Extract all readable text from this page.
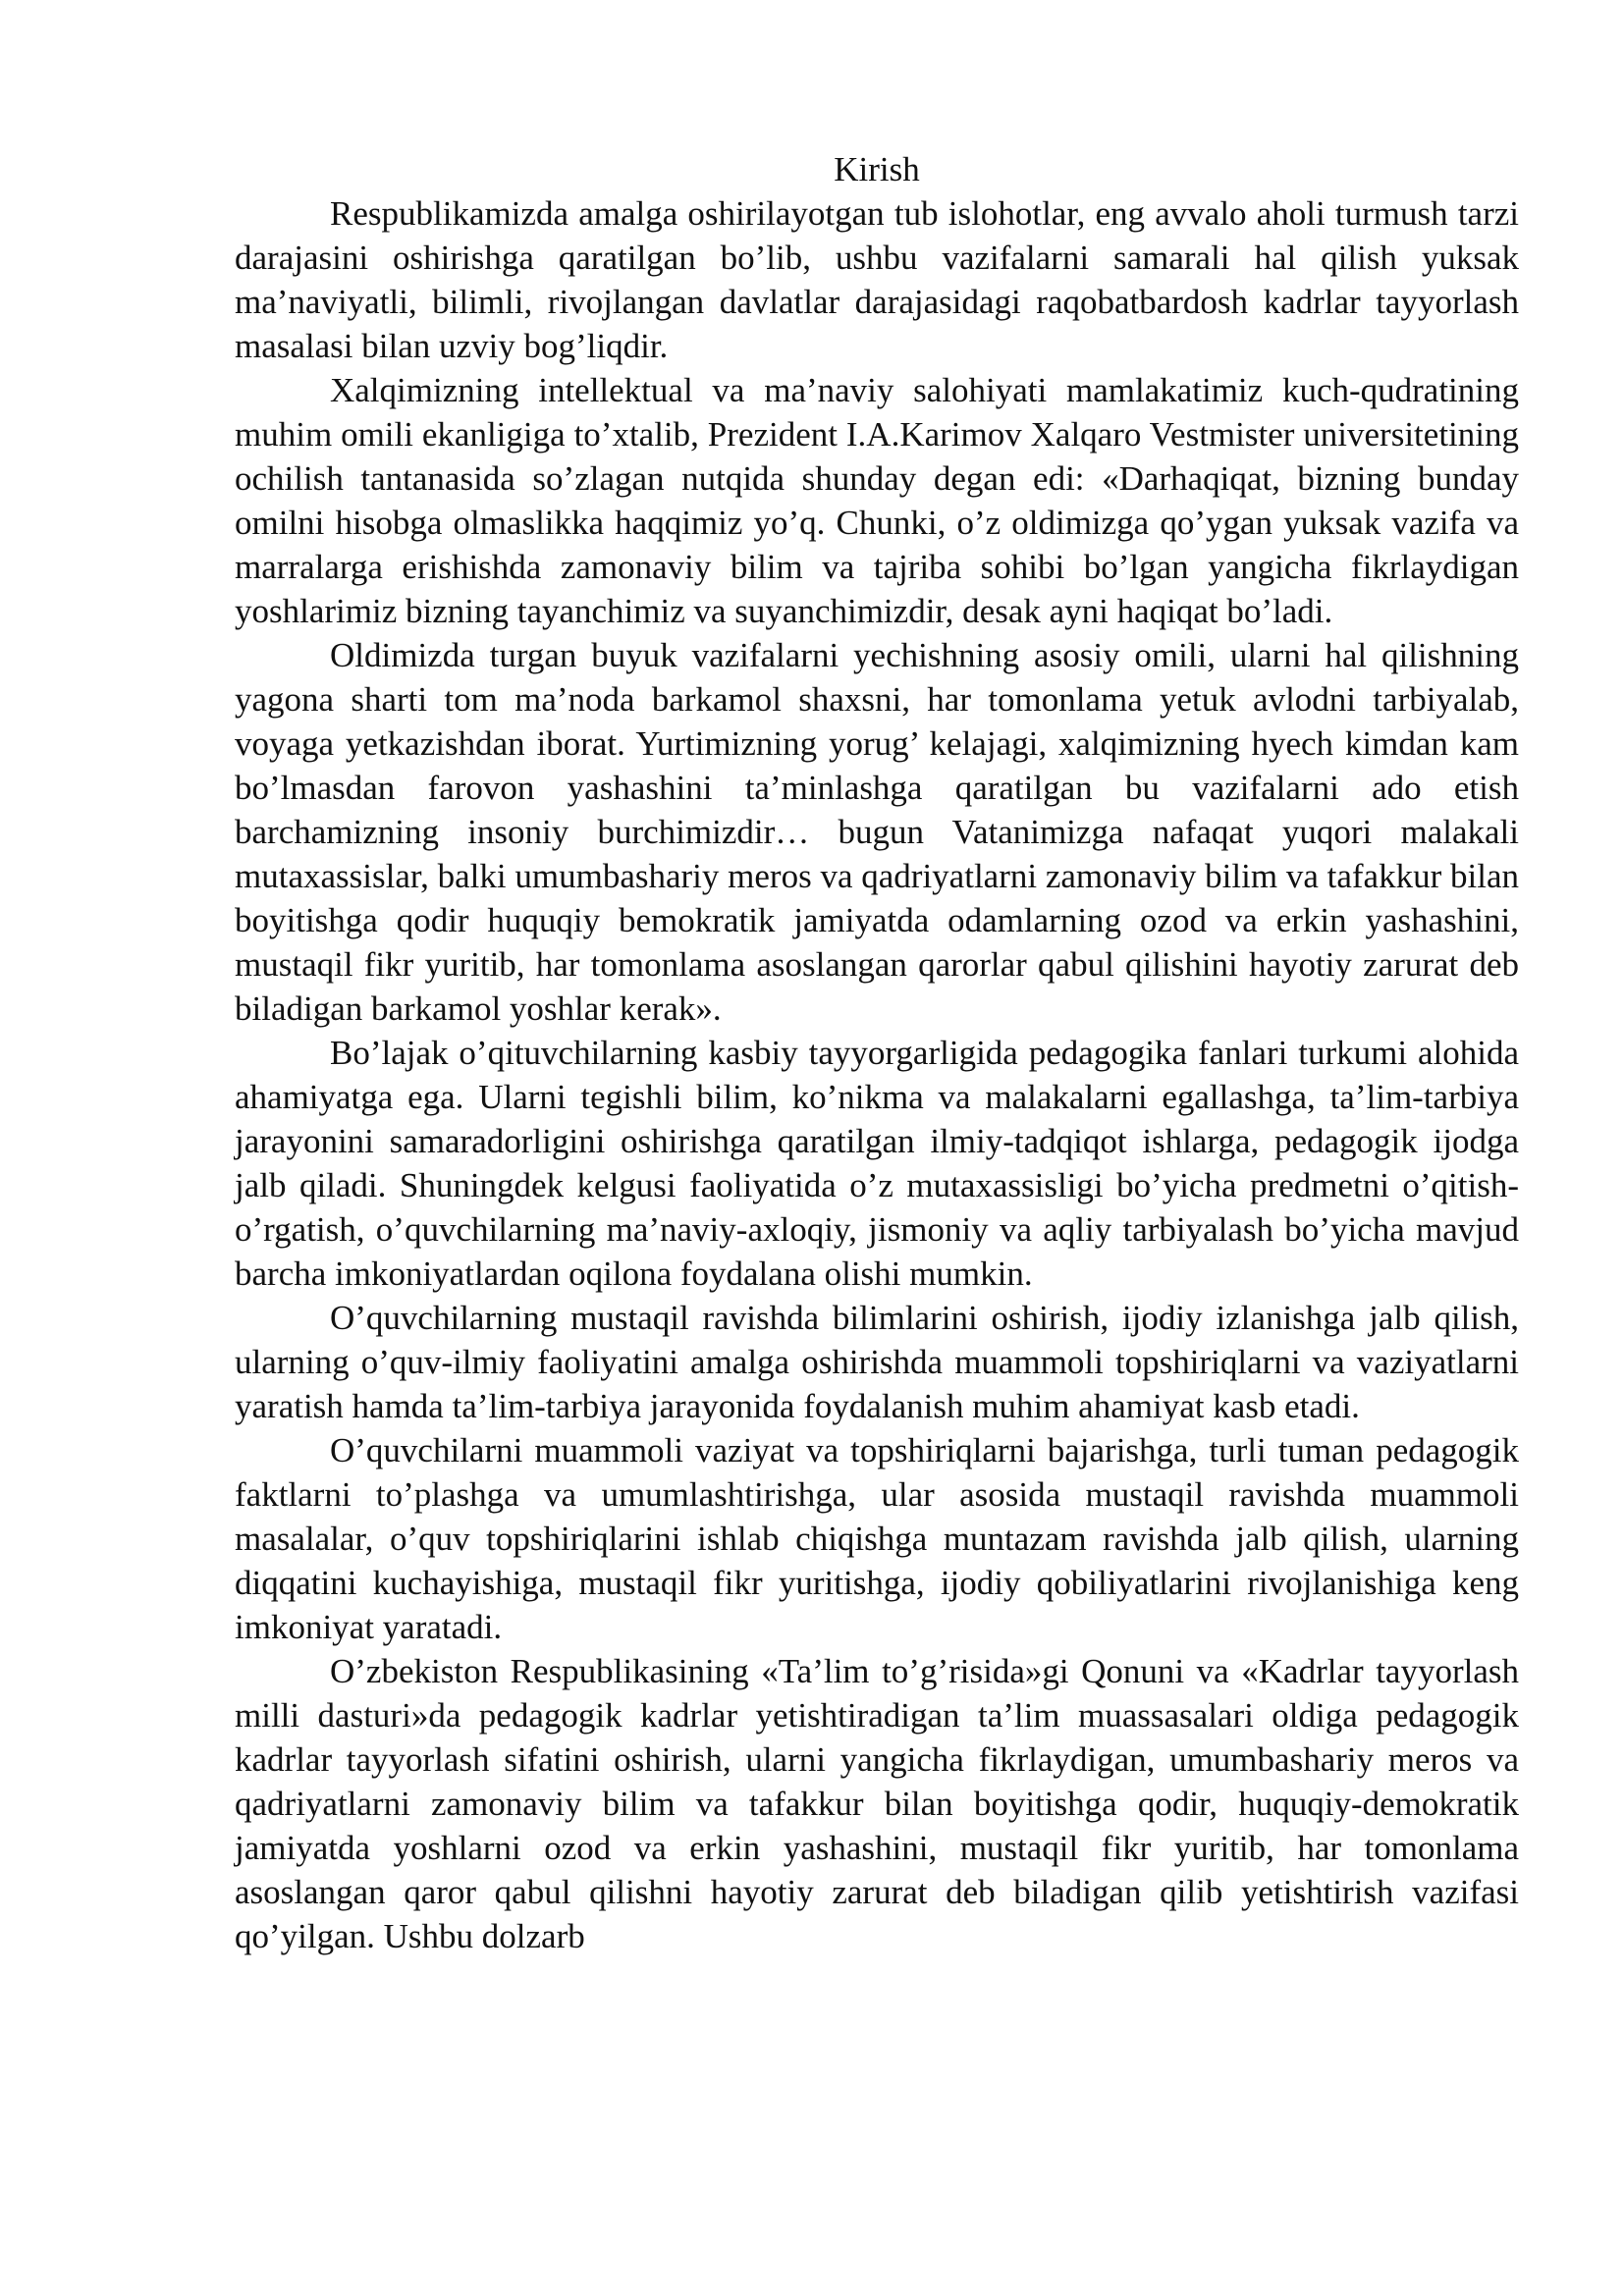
Kirish

Respublikamizda amalga oshirilayotgan tub islohotlar, eng avvalo aholi turmush tarzi darajasini oshirishga qaratilgan bo’lib, ushbu vazifalarni samarali hal qilish yuksak ma’naviyatli, bilimli, rivojlangan davlatlar darajasidagi raqobatbardosh kadrlar tayyorlash masalasi bilan uzviy bog’liqdir.

Xalqimizning intellektual va ma’naviy salohiyati mamlakatimiz kuch-qudratining muhim omili ekanligiga to’xtalib, Prezident I.A.Karimov Xalqaro Vestmister universitetining ochilish tantanasida so’zlagan nutqida shunday degan edi: «Darhaqiqat, bizning bunday omilni hisobga olmaslikka haqqimiz yo’q. Chunki, o’z oldimizga qo’ygan yuksak vazifa va marralarga erishishda zamonaviy bilim va tajriba sohibi bo’lgan yangicha fikrlaydigan yoshlarimiz bizning tayanchimiz va suyanchimizdir, desak ayni haqiqat bo’ladi.

Oldimizda turgan buyuk vazifalarni yechishning asosiy omili, ularni hal qilishning yagona sharti tom ma’noda barkamol shaxsni, har tomonlama yetuk avlodni tarbiyalab, voyaga yetkazishdan iborat. Yurtimizning yorug’ kelajagi, xalqimizning hyech kimdan kam bo’lmasdan farovon yashashini ta’minlashga qaratilgan bu vazifalarni ado etish barchamizning insoniy burchimizdir… bugun Vatanimizga nafaqat yuqori malakali mutaxassislar, balki umumbashariy meros va qadriyatlarni zamonaviy bilim va tafakkur bilan boyitishga qodir huquqiy bemokratik jamiyatda odamlarning ozod va erkin yashashini, mustaqil fikr yuritib, har tomonlama asoslangan qarorlar qabul qilishini hayotiy zarurat deb biladigan barkamol yoshlar kerak».

Bo’lajak o’qituvchilarning kasbiy tayyorgarligida pedagogika fanlari turkumi alohida ahamiyatga ega. Ularni tegishli bilim, ko’nikma va malakalarni egallashga, ta’lim-tarbiya jarayonini samaradorligini oshirishga qaratilgan ilmiy-tadqiqot ishlarga, pedagogik ijodga jalb qiladi. Shuningdek kelgusi faoliyatida o’z mutaxassisligi bo’yicha predmetni o’qitish-o’rgatish, o’quvchilarning ma’naviy-axloqiy, jismoniy va aqliy tarbiyalash bo’yicha mavjud barcha imkoniyatlardan oqilona foydalana olishi mumkin.

O’quvchilarning mustaqil ravishda bilimlarini oshirish, ijodiy izlanishga jalb qilish, ularning o’quv-ilmiy faoliyatini amalga oshirishda muammoli topshiriqlarni va vaziyatlarni yaratish hamda ta’lim-tarbiya jarayonida foydalanish muhim ahamiyat kasb etadi.

O’quvchilarni muammoli vaziyat va topshiriqlarni bajarishga, turli tuman pedagogik faktlarni to’plashga va umumlashtirishga, ular asosida mustaqil ravishda muammoli masalalar, o’quv topshiriqlarini ishlab chiqishga muntazam ravishda jalb qilish, ularning diqqatini kuchayishiga, mustaqil fikr yuritishga, ijodiy qobiliyatlarini rivojlanishiga keng imkoniyat yaratadi.

O’zbekiston Respublikasining «Ta’lim to’g’risida»gi Qonuni va «Kadrlar tayyorlash milli dasturi»da pedagogik kadrlar yetishtiradigan ta’lim muassasalari oldiga pedagogik kadrlar tayyorlash sifatini oshirish, ularni yangicha fikrlaydigan, umumbashariy meros va qadriyatlarni zamonaviy bilim va tafakkur bilan boyitishga qodir, huquqiy-demokratik jamiyatda yoshlarni ozod va erkin yashashini, mustaqil fikr yuritib, har tomonlama asoslangan qaror qabul qilishni hayotiy zarurat deb biladigan qilib yetishtirish vazifasi qo’yilgan. Ushbu dolzarb
